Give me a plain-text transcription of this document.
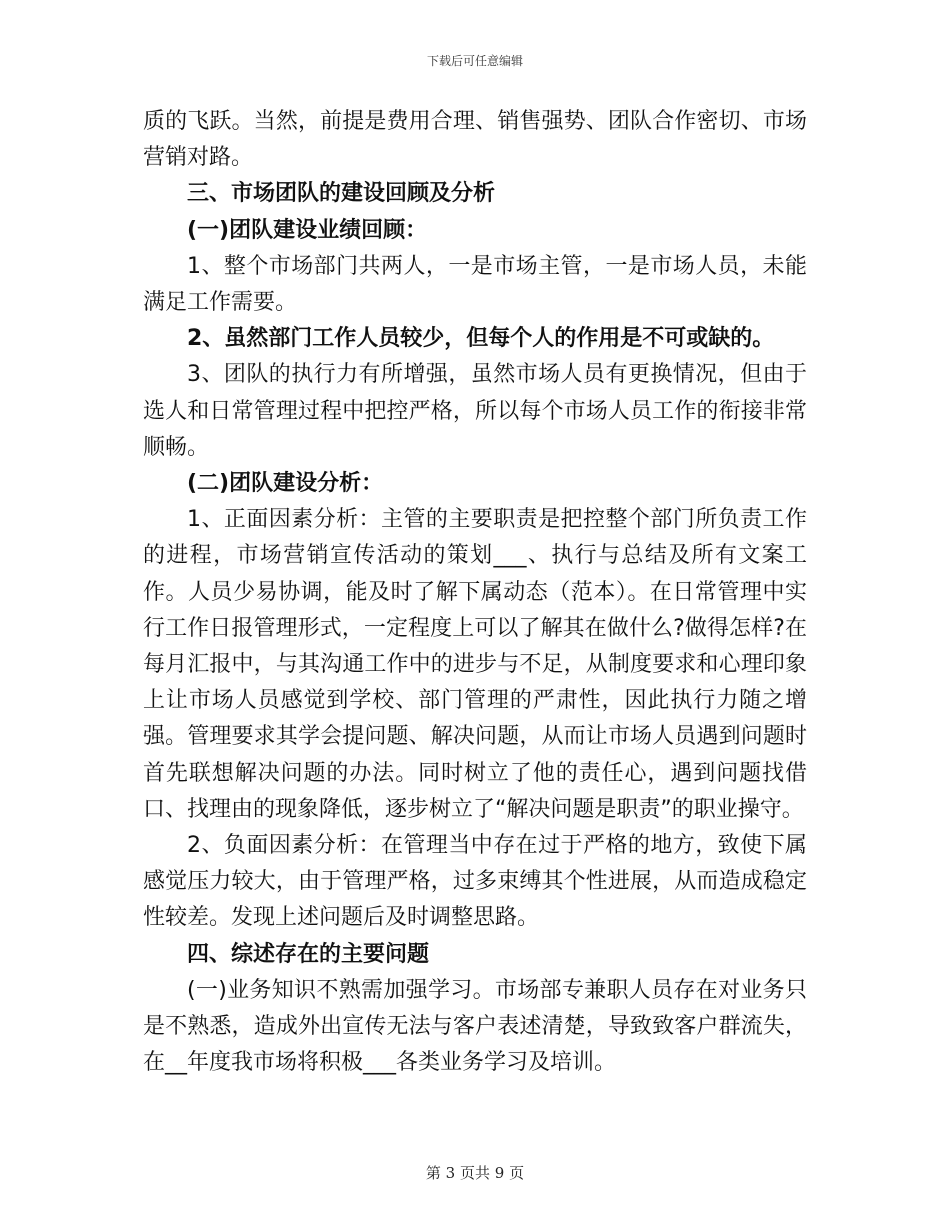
下载后可任意编辑

质的飞跃。当然，前提是费用合理、销售强势、团队合作密切、市场营销对路。

三、市场团队的建设回顾及分析

(一)团队建设业绩回顾：

1、整个市场部门共两人，一是市场主管，一是市场人员，未能满足工作需要。

2、虽然部门工作人员较少，但每个人的作用是不可或缺的。

3、团队的执行力有所增强，虽然市场人员有更换情况，但由于选人和日常管理过程中把控严格，所以每个市场人员工作的衔接非常顺畅。

(二)团队建设分析：

1、正面因素分析：主管的主要职责是把控整个部门所负责工作的进程，市场营销宣传活动的策划___、执行与总结及所有文案工作。人员少易协调，能及时了解下属动态（范本）。在日常管理中实行工作日报管理形式，一定程度上可以了解其在做什么?做得怎样?在每月汇报中，与其沟通工作中的进步与不足，从制度要求和心理印象上让市场人员感觉到学校、部门管理的严肃性，因此执行力随之增强。管理要求其学会提问题、解决问题，从而让市场人员遇到问题时首先联想解决问题的办法。同时树立了他的责任心，遇到问题找借口、找理由的现象降低，逐步树立了“解决问题是职责”的职业操守。

2、负面因素分析：在管理当中存在过于严格的地方，致使下属感觉压力较大，由于管理严格，过多束缚其个性进展，从而造成稳定性较差。发现上述问题后及时调整思路。

四、综述存在的主要问题

(一)业务知识不熟需加强学习。市场部专兼职人员存在对业务只是不熟悉，造成外出宣传无法与客户表述清楚，导致致客户群流失，在__年度我市场将积极___各类业务学习及培训。

第 3 页共 9 页
